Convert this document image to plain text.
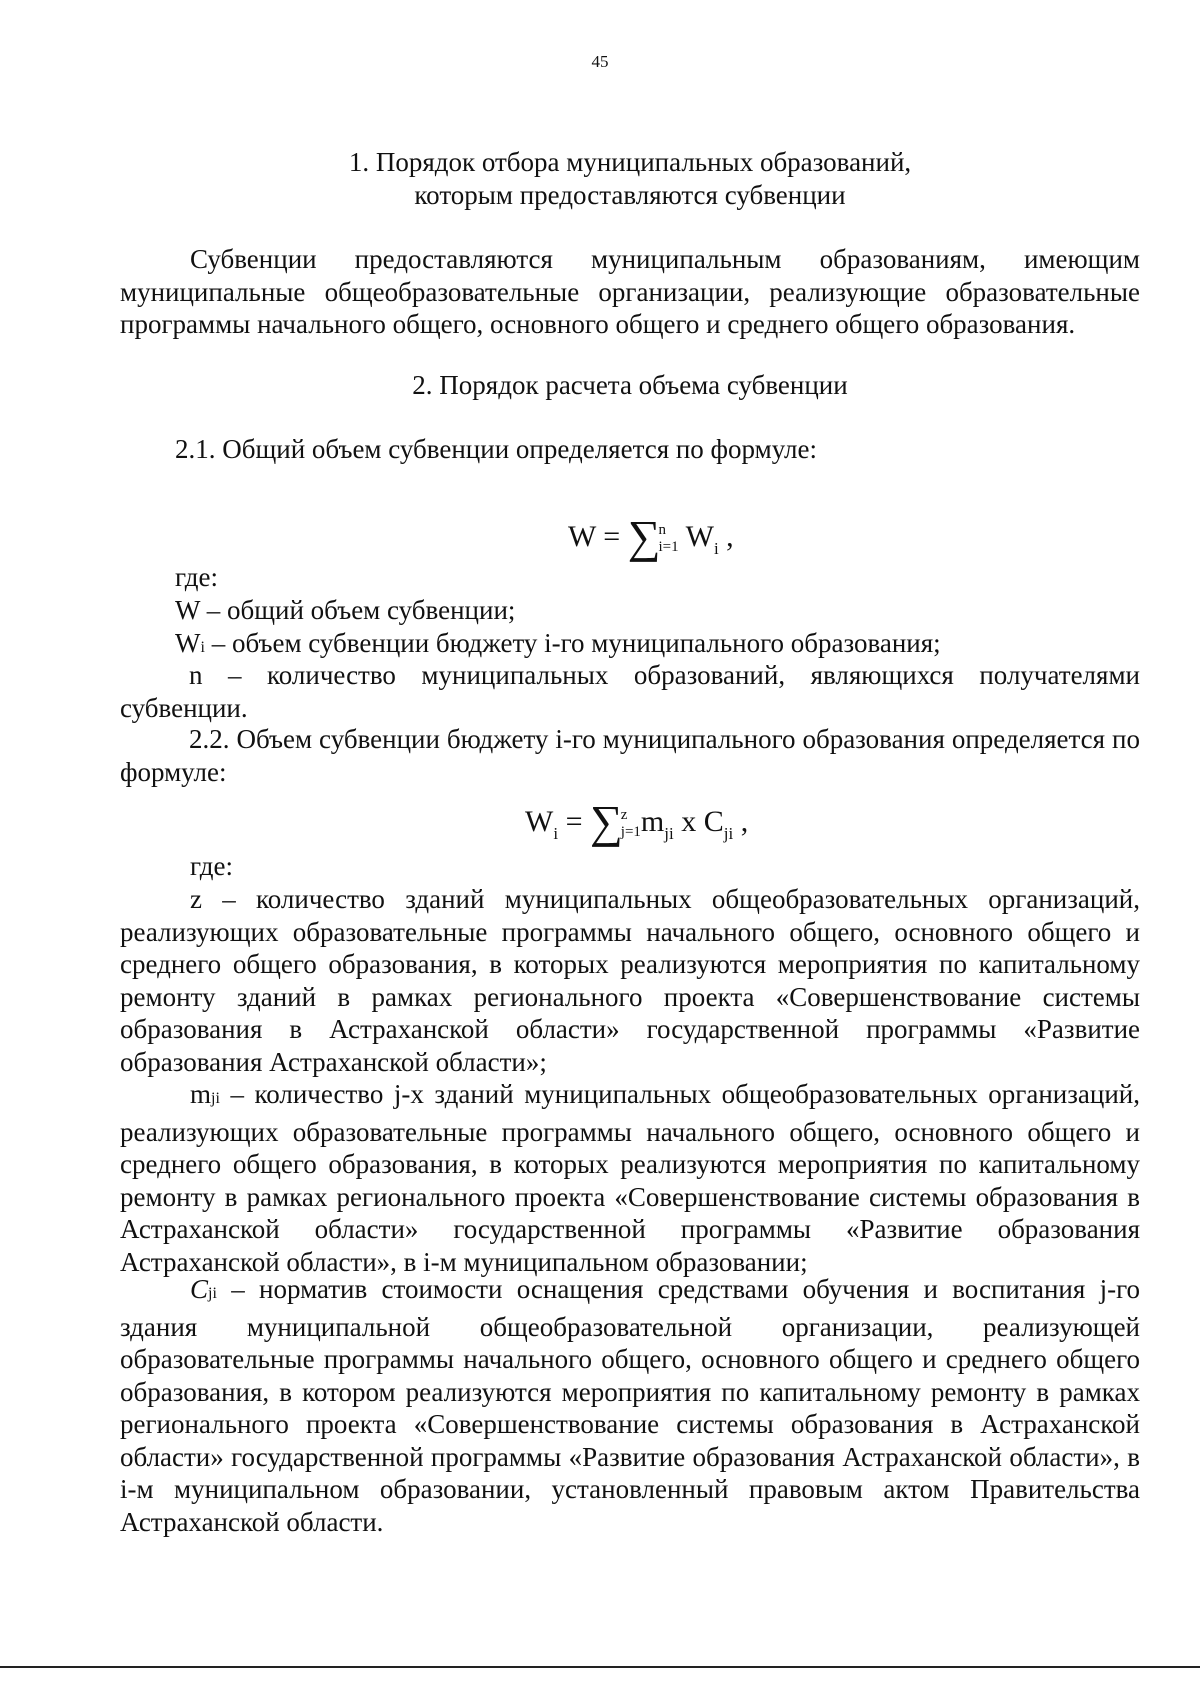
45
1. Порядок отбора муниципальных образований,
которым предоставляются субвенции

Субвенции предоставляются муниципальным образованиям, имеющим муниципальные общеобразовательные организации, реализующие образовательные программы начального общего, основного общего и среднего общего образования.

2. Порядок расчета объема субвенции
2.1. Общий объем субвенции определяется по формуле:
W = ∑
n
i=1 $W_i$ ,
где:
W – общий объем субвенции;
Wi – объем субвенции бюджету i-го муниципального образования;

n – количество муниципальных образований, являющихся получателями субвенции.

2.2. Объем субвенции бюджету i-го муниципального образования определяется по формуле:

$W_i$ = ∑
z
j=1 $m_{ji}$ x $C_{ji}$ ,
где:

z – количество зданий муниципальных общеобразовательных организаций, реализующих образовательные программы начального общего, основного общего и среднего общего образования, в которых реализуются мероприятия по капитальному ремонту зданий в рамках регионального проекта «Совершенствование системы образования в Астраханской области» государственной программы «Развитие образования Астраханской области»;

mji – количество j-х зданий муниципальных общеобразовательных организаций, реализующих образовательные программы начального общего, основного общего и среднего общего образования, в которых реализуются мероприятия по капитальному ремонту в рамках регионального проекта «Совершенствование системы образования в Астраханской области» государственной программы «Развитие образования Астраханской области», в i-м муниципальном образовании;

Cji – норматив стоимости оснащения средствами обучения и воспитания j-го здания муниципальной общеобразовательной организации, реализующей образовательные программы начального общего, основного общего и среднего общего образования, в котором реализуются мероприятия по капитальному ремонту в рамках регионального проекта «Совершенствование системы образования в Астраханской области» государственной программы «Развитие образования Астраханской области», в i-м муниципальном образовании, установленный правовым актом Правительства Астраханской области.
